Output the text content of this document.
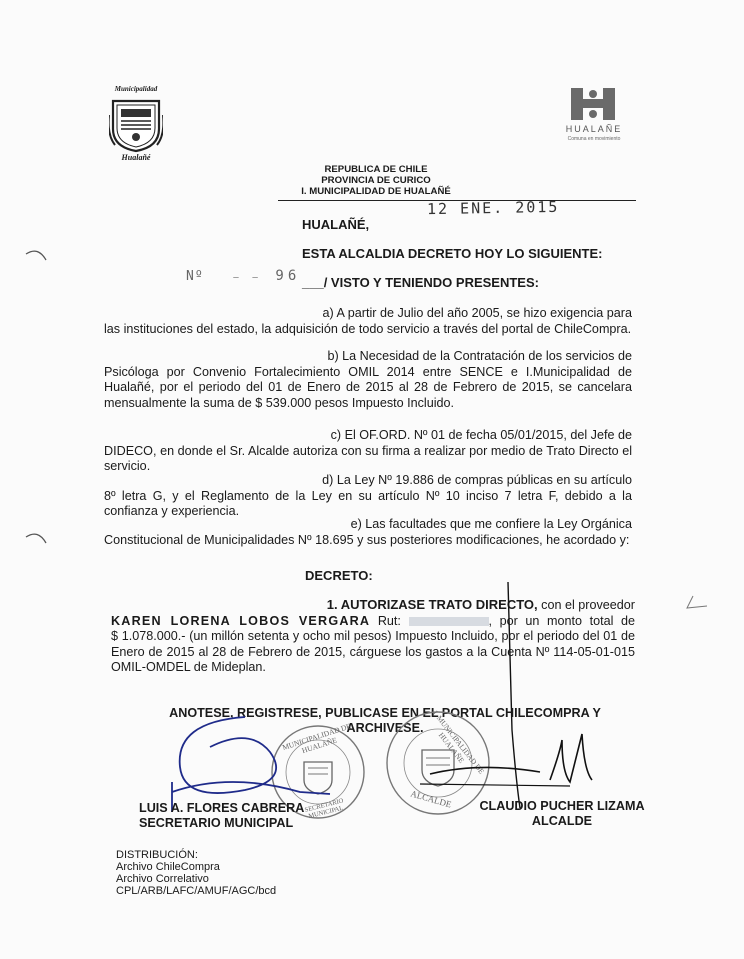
Municipalidad
Hualañé
HUALAÑE
Comuna en movimiento
REPUBLICA DE CHILE
PROVINCIA DE CURICO
I. MUNICIPALIDAD DE HUALAÑÉ
12 ENE. 2015
HUALAÑÉ,
ESTA ALCALDIA DECRETO HOY LO SIGUIENTE:
Nº	– – 96 ___/ VISTO Y TENIENDO PRESENTES:
a) A partir de Julio del año 2005, se hizo exigencia para
las instituciones del estado, la adquisición de todo servicio a través del portal de ChileCompra.
b) La Necesidad de la Contratación de los servicios de
Psicóloga por Convenio Fortalecimiento OMIL 2014 entre SENCE e I.Municipalidad de Hualañé, por el periodo del 01 de Enero de 2015 al 28 de Febrero de 2015, se cancelara mensualmente la suma de $ 539.000 pesos Impuesto Incluido.
c) El OF.ORD. Nº 01 de fecha 05/01/2015, del Jefe de
DIDECO, en donde el Sr. Alcalde autoriza con su firma a realizar por medio de Trato Directo el servicio.
d) La Ley Nº 19.886 de compras públicas en su artículo
8º letra G, y el Reglamento de la Ley en su artículo Nº 10 inciso 7 letra F, debido a la confianza y experiencia.
e) Las facultades que me confiere la Ley Orgánica
Constitucional de Municipalidades Nº 18.695 y sus posteriores modificaciones, he acordado y:
DECRETO:
1. AUTORIZASE TRATO DIRECTO, con el proveedor
KAREN LORENA LOBOS VERGARA Rut:	, por un monto total de
$ 1.078.000.- (un millón setenta y ocho mil pesos) Impuesto Incluido, por el periodo del 01 de Enero de 2015 al 28 de Febrero de 2015, cárguese los gastos a la Cuenta Nº 114-05-01-015 OMIL-OMDEL de Mideplan.
ANOTESE, REGISTRESE, PUBLICASE EN EL PORTAL CHILECOMPRA Y
ARCHIVESE.
MUNICIPALIDAD DE HUALAÑE
SECRETARIO MUNICIPAL
I. MUNICIPALIDAD DE HUALAÑE
ALCALDE
LUIS A. FLORES CABRERA
SECRETARIO MUNICIPAL
CLAUDIO PUCHER LIZAMA
ALCALDE
DISTRIBUCIÓN:
Archivo ChileCompra
Archivo Correlativo
CPL/ARB/LAFC/AMUF/AGC/bcd
